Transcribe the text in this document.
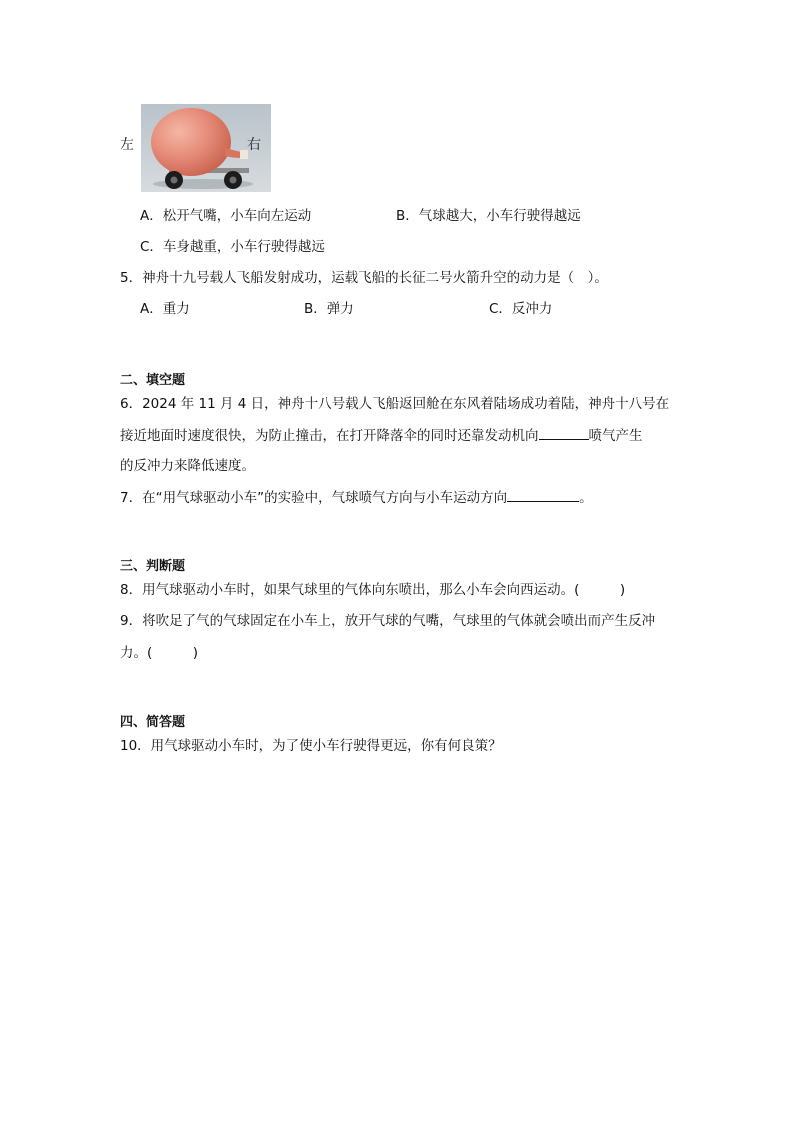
左	右
A．松开气嘴，小车向左运动	B．气球越大，小车行驶得越远
C．车身越重，小车行驶得越远
5．神舟十九号载人飞船发射成功，运载飞船的长征二号火箭升空的动力是（　）。
A．重力	B．弹力	C．反冲力
二、填空题
6．2024 年 11 月 4 日，神舟十八号载人飞船返回舱在东风着陆场成功着陆，神舟十八号在
接近地面时速度很快，为防止撞击，在打开降落伞的同时还靠发动机向	喷气产生
的反冲力来降低速度。
7．在“用气球驱动小车”的实验中，气球喷气方向与小车运动方向	。
三、判断题
8．用气球驱动小车时，如果气球里的气体向东喷出，那么小车会向西运动。(　　　)
9．将吹足了气的气球固定在小车上，放开气球的气嘴，气球里的气体就会喷出而产生反冲
力。(　　　)
四、简答题
10．用气球驱动小车时，为了使小车行驶得更远，你有何良策？
